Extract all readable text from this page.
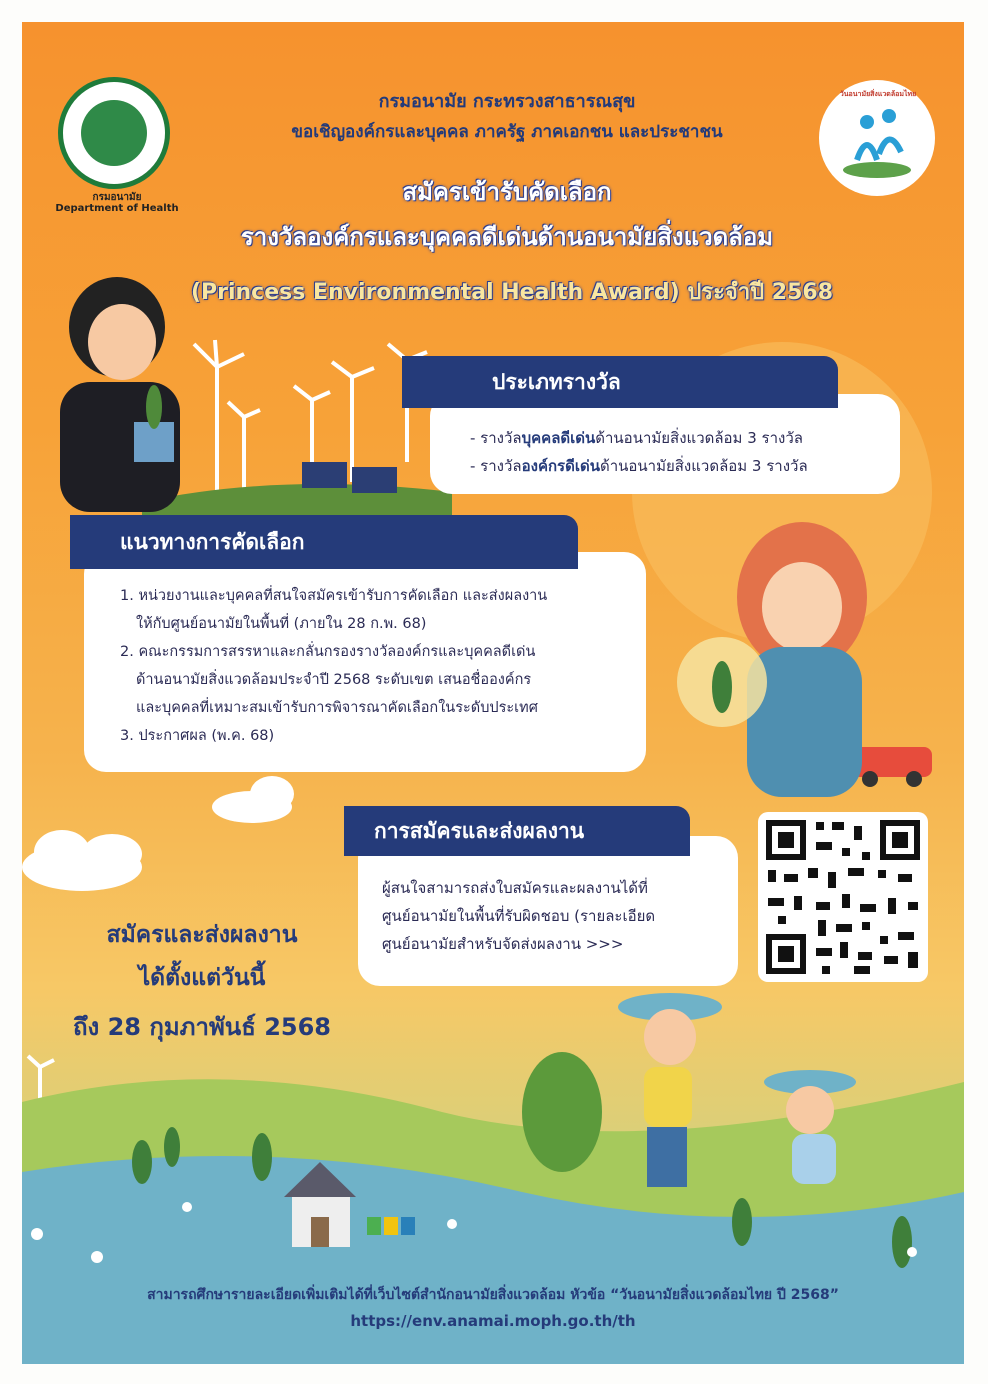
กรมอนามัย
Department of Health
วันอนามัยสิ่งแวดล้อมไทย
กรมอนามัย กระทรวงสาธารณสุข
ขอเชิญองค์กรและบุคคล ภาครัฐ ภาคเอกชน และประชาชน
สมัครเข้ารับคัดเลือก
รางวัลองค์กรและบุคคลดีเด่นด้านอนามัยสิ่งแวดล้อม
(Princess Environmental Health Award) ประจำปี 2568

- รางวัลบุคคลดีเด่นด้านอนามัยสิ่งแวดล้อม 3 รางวัล

- รางวัลองค์กรดีเด่นด้านอนามัยสิ่งแวดล้อม 3 รางวัล

ประเภทรางวัล

1. หน่วยงานและบุคคลที่สนใจสมัครเข้ารับการคัดเลือก และส่งผลงาน

ให้กับศูนย์อนามัยในพื้นที่ (ภายใน 28 ก.พ. 68)

2. คณะกรรมการสรรหาและกลั่นกรองรางวัลองค์กรและบุคคลดีเด่น

ด้านอนามัยสิ่งแวดล้อมประจำปี 2568 ระดับเขต เสนอชื่อองค์กร

และบุคคลที่เหมาะสมเข้ารับการพิจารณาคัดเลือกในระดับประเทศ

3. ประกาศผล (พ.ค. 68)

แนวทางการคัดเลือก

ผู้สนใจสามารถส่งใบสมัครและผลงานได้ที่

ศูนย์อนามัยในพื้นที่รับผิดชอบ (รายละเอียด

ศูนย์อนามัยสำหรับจัดส่งผลงาน >>>

การสมัครและส่งผลงาน
สมัครและส่งผลงาน
ได้ตั้งแต่วันนี้
ถึง 28 กุมภาพันธ์ 2568
สามารถศึกษารายละเอียดเพิ่มเติมได้ที่เว็บไซต์สำนักอนามัยสิ่งแวดล้อม หัวข้อ “วันอนามัยสิ่งแวดล้อมไทย ปี 2568”
https://env.anamai.moph.go.th/th
